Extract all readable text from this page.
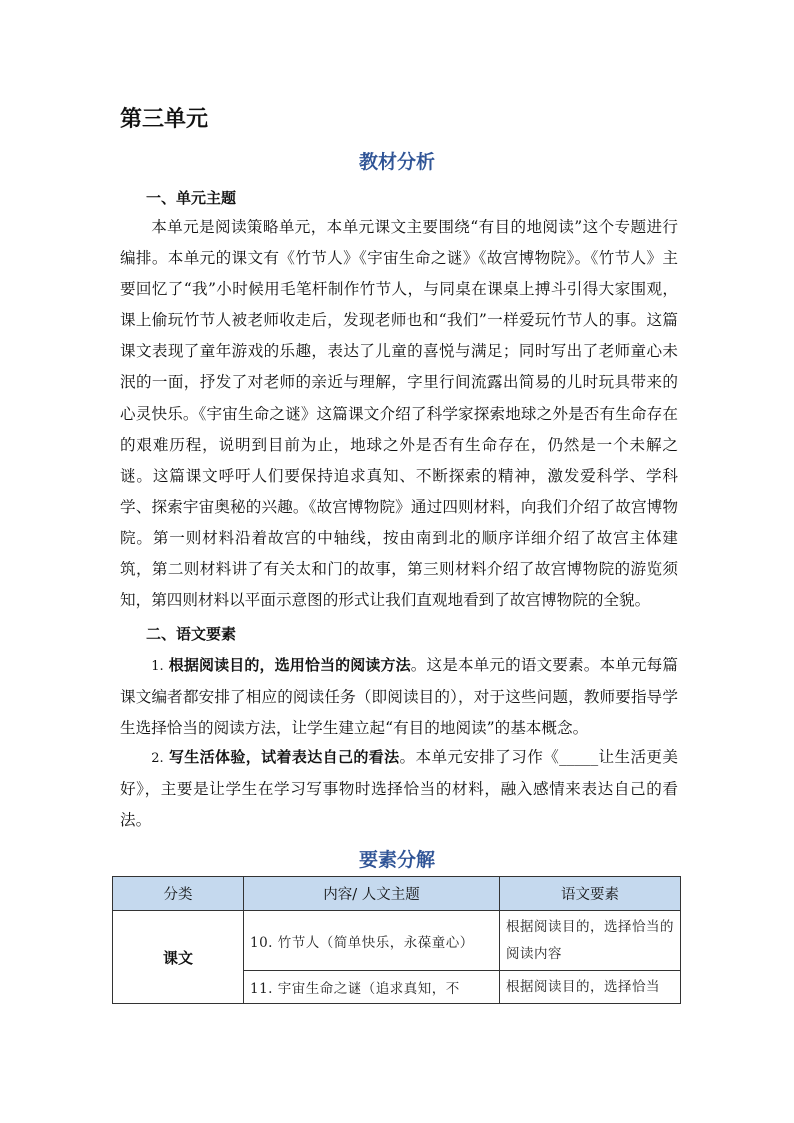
第三单元
教材分析
一、单元主题

本单元是阅读策略单元，本单元课文主要围绕“有目的地阅读”这个专题进行编排。本单元的课文有《竹节人》《宇宙生命之谜》《故宫博物院》。《竹节人》主要回忆了“我”小时候用毛笔杆制作竹节人，与同桌在课桌上搏斗引得大家围观，课上偷玩竹节人被老师收走后，发现老师也和“我们”一样爱玩竹节人的事。这篇课文表现了童年游戏的乐趣，表达了儿童的喜悦与满足；同时写出了老师童心未泯的一面，抒发了对老师的亲近与理解，字里行间流露出简易的儿时玩具带来的心灵快乐。《宇宙生命之谜》这篇课文介绍了科学家探索地球之外是否有生命存在的艰难历程，说明到目前为止，地球之外是否有生命存在，仍然是一个未解之谜。这篇课文呼吁人们要保持追求真知、不断探索的精神，激发爱科学、学科学、探索宇宙奥秘的兴趣。《故宫博物院》通过四则材料，向我们介绍了故宫博物院。第一则材料沿着故宫的中轴线，按由南到北的顺序详细介绍了故宫主体建筑，第二则材料讲了有关太和门的故事，第三则材料介绍了故宫博物院的游览须知，第四则材料以平面示意图的形式让我们直观地看到了故宫博物院的全貌。

二、语文要素

1. 根据阅读目的，选用恰当的阅读方法。这是本单元的语文要素。本单元每篇课文编者都安排了相应的阅读任务（即阅读目的），对于这些问题，教师要指导学生选择恰当的阅读方法，让学生建立起“有目的地阅读”的基本概念。

2. 写生活体验，试着表达自己的看法。本单元安排了习作《_____让生活更美好》，主要是让学生在学习写事物时选择恰当的材料，融入感情来表达自己的看法。

要素分解
分类	内容/ 人文主题	语文要素
课文	10. 竹节人（简单快乐，永葆童心）	根据阅读目的，选择恰当的阅读内容
	11. 宇宙生命之谜（追求真知，不	根据阅读目的，选择恰当
